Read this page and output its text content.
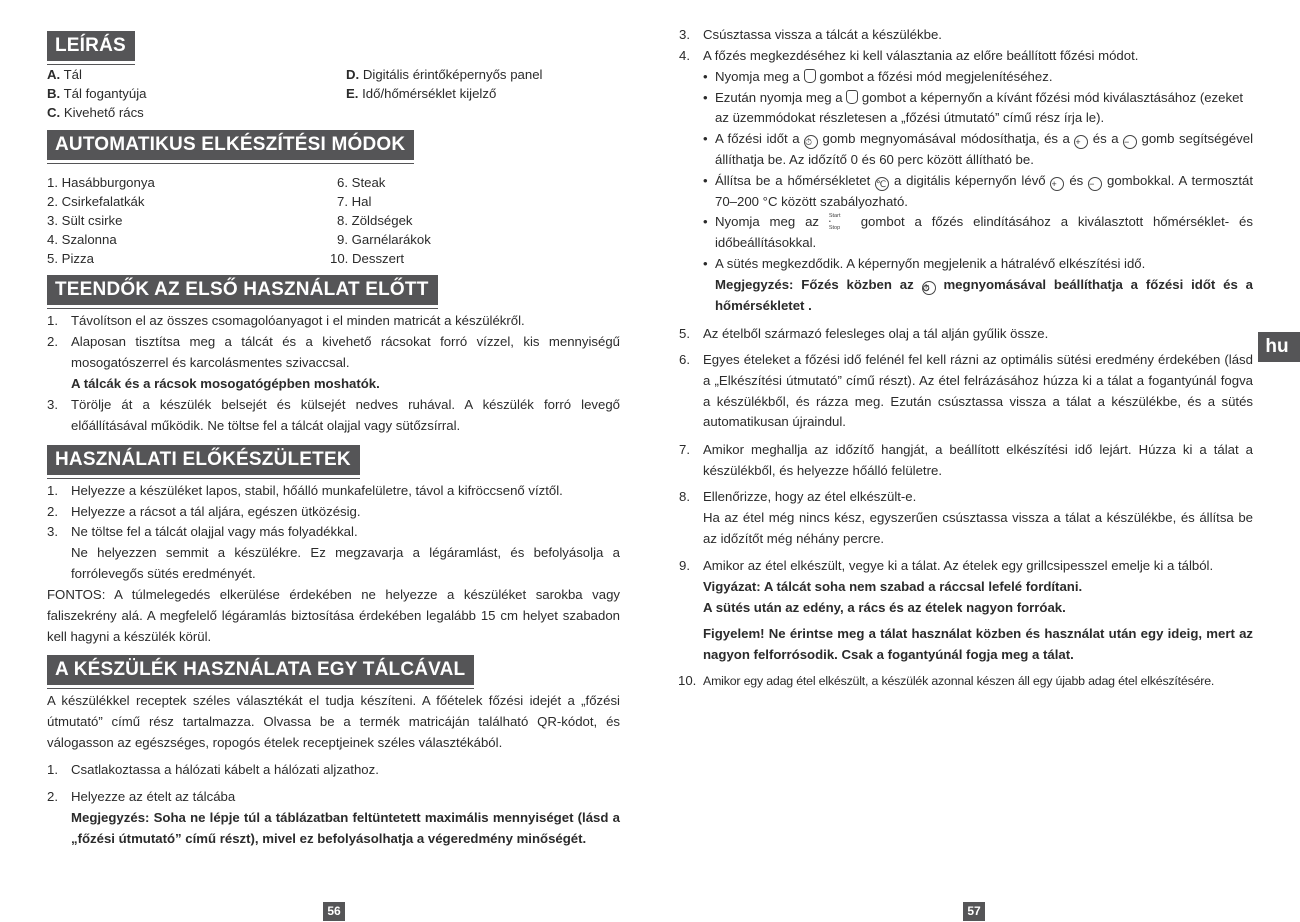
LEÍRÁS
A. Tál
B. Tál fogantyúja
C. Kivehető rács
D. Digitális érintőképernyős panel
E. Idő/hőmérséklet kijelző
AUTOMATIKUS ELKÉSZÍTÉSI MÓDOK
1. Hasábburgonya
2. Csirkefalatkák
3. Sült csirke
4. Szalonna
5. Pizza
6. Steak
7. Hal
8. Zöldségek
9. Garnélarákok
10. Desszert
TEENDŐK AZ ELSŐ HASZNÁLAT ELŐTT
1. Távolítson el az összes csomagolóanyagot i el minden matricát a készülékről.
2. Alaposan tisztítsa meg a tálcát és a kivehető rácsokat forró vízzel, kis mennyiségű mosogatószerrel és karcolásmentes szivaccsal.
A tálcák és a rácsok mosogatógépben moshatók.
3. Törölje át a készülék belsejét és külsejét nedves ruhával. A készülék forró levegő előállításával működik. Ne töltse fel a tálcát olajjal vagy sütőzsírral.
HASZNÁLATI ELŐKÉSZÜLETEK
1. Helyezze a készüléket lapos, stabil, hőálló munkafelületre, távol a kifröccsenő víztől.
2. Helyezze a rácsot a tál aljára, egészen ütközésig.
3. Ne töltse fel a tálcát olajjal vagy más folyadékkal.
Ne helyezzen semmit a készülékre. Ez megzavarja a légáramlást, és befolyásolja a forrólevegős sütés eredményét.
FONTOS: A túlmelegedés elkerülése érdekében ne helyezze a készüléket sarokba vagy faliszekrény alá. A megfelelő légáramlás biztosítása érdekében legalább 15 cm helyet szabadon kell hagyni a készülék körül.
A KÉSZÜLÉK HASZNÁLATA EGY TÁLCÁVAL
A készülékkel receptek széles választékát el tudja készíteni. A főételek főzési idejét a „főzési útmutató” című rész tartalmazza. Olvassa be a termék matricáján található QR-kódot, és válogasson az egészséges, ropogós ételek receptjeinek széles választékából.
1. Csatlakoztassa a hálózati kábelt a hálózati aljzathoz.
2. Helyezze az ételt az tálcába
Megjegyzés: Soha ne lépje túl a táblázatban feltüntetett maximális mennyiséget (lásd a „főzési útmutató” című részt), mivel ez befolyásolhatja a végeredmény minőségét.
56
3. Csúsztassa vissza a tálcát a készülékbe.
4. A főzés megkezdéséhez ki kell választania az előre beállított főzési módot.
• Nyomja meg a gombot a főzési mód megjelenítéséhez.
• Ezután nyomja meg a gombot a képernyőn a kívánt főzési mód kiválasztásához (ezeket az üzemmódokat részletesen a „főzési útmutató” című rész írja le).
• A főzési időt a ⏱ gomb megnyomásával módosíthatja, és a + és a − gomb segítségével állíthatja be. Az időzítő 0 és 60 perc között állítható be.
• Állítsa be a hőmérsékletet ℃ a digitális képernyőn lévő + és − gombokkal. A termosztát 70–200 °C között szabályozható.
• Nyomja meg az Start
•
Stop gombot a főzés elindításához a kiválasztott hőmérséklet- és időbeállításokkal.
• A sütés megkezdődik. A képernyőn megjelenik a hátralévő elkészítési idő.
Megjegyzés: Főzés közben az ⏱ megnyomásával beállíthatja a főzési időt és a hőmérsékletet .
5. Az ételből származó felesleges olaj a tál alján gyűlik össze.
6. Egyes ételeket a főzési idő felénél fel kell rázni az optimális sütési eredmény érdekében (lásd a „Elkészítési útmutató” című részt). Az étel felrázásához húzza ki a tálat a fogantyúnál fogva a készülékből, és rázza meg. Ezután csúsztassa vissza a tálat a készülékbe, és a sütés automatikusan újraindul.
7. Amikor meghallja az időzítő hangját, a beállított elkészítési idő lejárt. Húzza ki a tálat a készülékből, és helyezze hőálló felületre.
8. Ellenőrizze, hogy az étel elkészült-e.
Ha az étel még nincs kész, egyszerűen csúsztassa vissza a tálat a készülékbe, és állítsa be az időzítőt még néhány percre.
9. Amikor az étel elkészült, vegye ki a tálat. Az ételek egy grillcsipesszel emelje ki a tálból.
Vigyázat: A tálcát soha nem szabad a ráccsal lefelé fordítani.
A sütés után az edény, a rács és az ételek nagyon forróak.
Figyelem! Ne érintse meg a tálat használat közben és használat után egy ideig, mert az nagyon felforrósodik. Csak a fogantyúnál fogja meg a tálat.
10. Amikor egy adag étel elkészült, a készülék azonnal készen áll egy újabb adag étel elkészítésére.
hu
57
